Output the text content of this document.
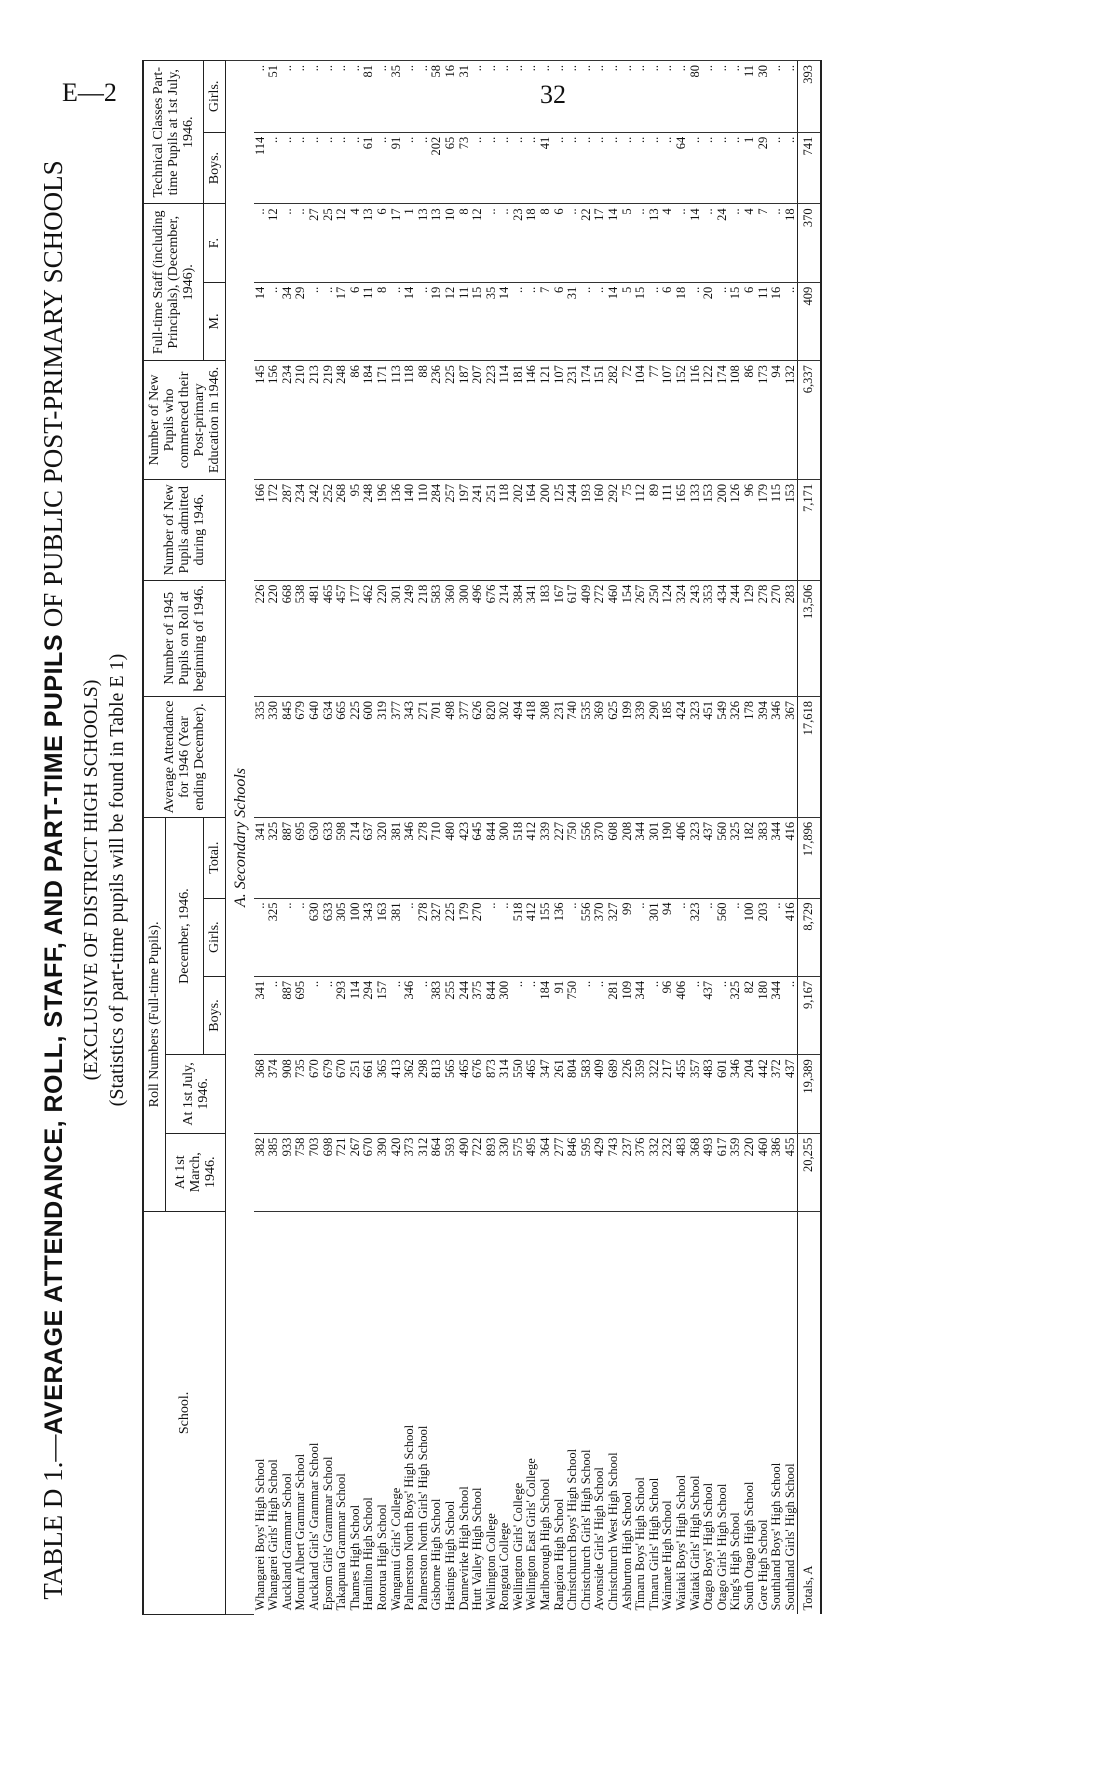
E—2	32
TABLE D 1.—AVERAGE ATTENDANCE, ROLL, STAFF, AND PART-TIME PUPILS OF PUBLIC POST-PRIMARY SCHOOLS
(EXCLUSIVE OF DISTRICT HIGH SCHOOLS) (Statistics of part-time pupils will be found in Table E 1)
School.	Roll Numbers (Full-time Pupils).					Average Attendance for 1946 (Year ending December).	Number of 1945 Pupils on Roll at beginning of 1946.	Number of New Pupils admitted during 1946.	Number of New Pupils who commenced their Post-primary Education in 1946.	Full-time Staff (including Principals), (December, 1946).		Technical Classes Part-time Pupils at 1st July, 1946.	
	At 1st March, 1946.	At 1st July, 1946.	December, 1946.										
			Boys.	Girls.	Total.					M.	F.	Boys.	Girls.
A. Secondary Schools													
Whangarei Boys' High School	382	368	341	..	341	335	226	166	145	14	..	114	..
Whangarei Girls' High School	385	374	..	325	325	330	220	172	156	..	12	..	51
Auckland Grammar School	933	908	887	..	887	845	668	287	234	34	..	..	..
Mount Albert Grammar School	758	735	695	..	695	679	538	234	210	29	..	..	..
Auckland Girls' Grammar School	703	670	..	630	630	640	481	242	213	..	27	..	..
Epsom Girls' Grammar School	698	679	..	633	633	634	465	252	219	..	25	..	..
Takapuna Grammar School	721	670	293	305	598	665	457	268	248	17	12	..	..
Thames High School	267	251	114	100	214	225	177	95	86	6	4	..	..
Hamilton High School	670	661	294	343	637	600	462	248	184	11	13	61	81
Rotorua High School	390	365	157	163	320	319	220	196	171	8	6	..	..
Wanganui Girls' College	420	413	..	381	381	377	301	136	113	..	17	91	35
Palmerston North Boys' High School	373	362	346	..	346	343	249	140	118	14	1	..	..
Palmerston North Girls' High School	312	298	..	278	278	271	218	110	88	..	13	..	..
Gisborne High School	864	813	383	327	710	701	583	284	236	19	13	202	58
Hastings High School	593	565	255	225	480	498	360	257	225	12	10	65	16
Dannevirke High School	490	465	244	179	423	377	300	197	187	11	8	73	31
Hutt Valley High School	722	676	375	270	645	626	496	241	207	15	12	..	..
Wellington College	893	873	844	..	844	820	676	251	223	35	..	..	..
Rongotai College	330	314	300	..	300	302	214	118	114	14	..	..	..
Wellington Girls' College	575	550	..	518	518	494	384	202	181	..	23	..	..
Wellington East Girls' College	495	465	..	412	412	418	341	164	146	..	18	..	..
Marlborough High School	364	347	184	155	339	308	183	200	121	7	8	41	..
Rangiora High School	277	261	91	136	227	231	167	125	107	6	6	..	..
Christchurch Boys' High School	846	804	750	..	750	740	617	244	231	31	..	..	..
Christchurch Girls' High School	595	583	..	556	556	535	409	193	174	..	22	..	..
Avonside Girls' High School	429	409	..	370	370	369	272	160	151	..	17	..	..
Christchurch West High School	743	689	281	327	608	625	460	292	282	14	14	..	..
Ashburton High School	237	226	109	99	208	199	154	75	72	5	5	..	..
Timaru Boys' High School	376	359	344	..	344	339	267	112	104	15	..	..	..
Timaru Girls' High School	332	322	..	301	301	290	250	89	77	..	13	..	..
Waimate High School	232	217	96	94	190	185	124	111	107	6	4	..	..
Waitaki Boys' High School	483	455	406	..	406	424	324	165	152	18	..	64	..
Waitaki Girls' High School	368	357	..	323	323	323	243	133	116	..	14	..	80
Otago Boys' High School	493	483	437	..	437	451	353	153	122	20	..	..	..
Otago Girls' High School	617	601	..	560	560	549	434	200	174	..	24	..	..
King's High School	359	346	325	..	325	326	244	126	108	15	..	..	..
South Otago High School	220	204	82	100	182	178	129	96	86	6	4	1	11
Gore High School	460	442	180	203	383	394	278	179	173	11	7	29	30
Southland Boys' High School	386	372	344	..	344	346	270	115	94	16	..	..	..
Southland Girls' High School	455	437	..	416	416	367	283	153	132	..	18	..	..
Totals, A	20,255	19,389	9,167	8,729	17,896	17,618	13,506	7,171	6,337	409	370	741	393
